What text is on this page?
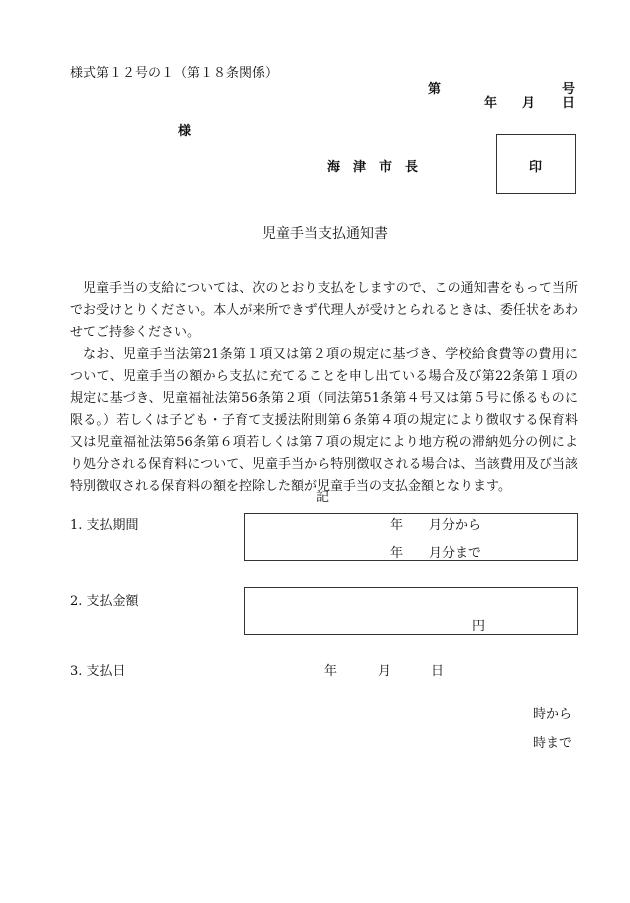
様式第１２号の１（第１８条関係）
第	号
年 月 日
様
海　津　市　長	印
児童手当支払通知書

児童手当の支給については、次のとおり支払をしますので、この通知書をもって当所でお受けとりください。本人が来所できず代理人が受けとられるときは、委任状をあわせてご持参ください。

なお、児童手当法第21条第１項又は第２項の規定に基づき、学校給食費等の費用について、児童手当の額から支払に充てることを申し出ている場合及び第22条第１項の規定に基づき、児童福祉法第56条第２項（同法第51条第４号又は第５号に係るものに限る。）若しくは子ども・子育て支援法附則第６条第４項の規定により徴収する保育料又は児童福祉法第56条第６項若しくは第７項の規定により地方税の滞納処分の例により処分される保育料について、児童手当から特別徴収される場合は、当該費用及び当該特別徴収される保育料の額を控除した額が児童手当の支払金額となります。

記
1. 支払期間	年　　月分から
年　　月分まで
2. 支払金額
円
3. 支払日	年	月	日
時から
時まで
